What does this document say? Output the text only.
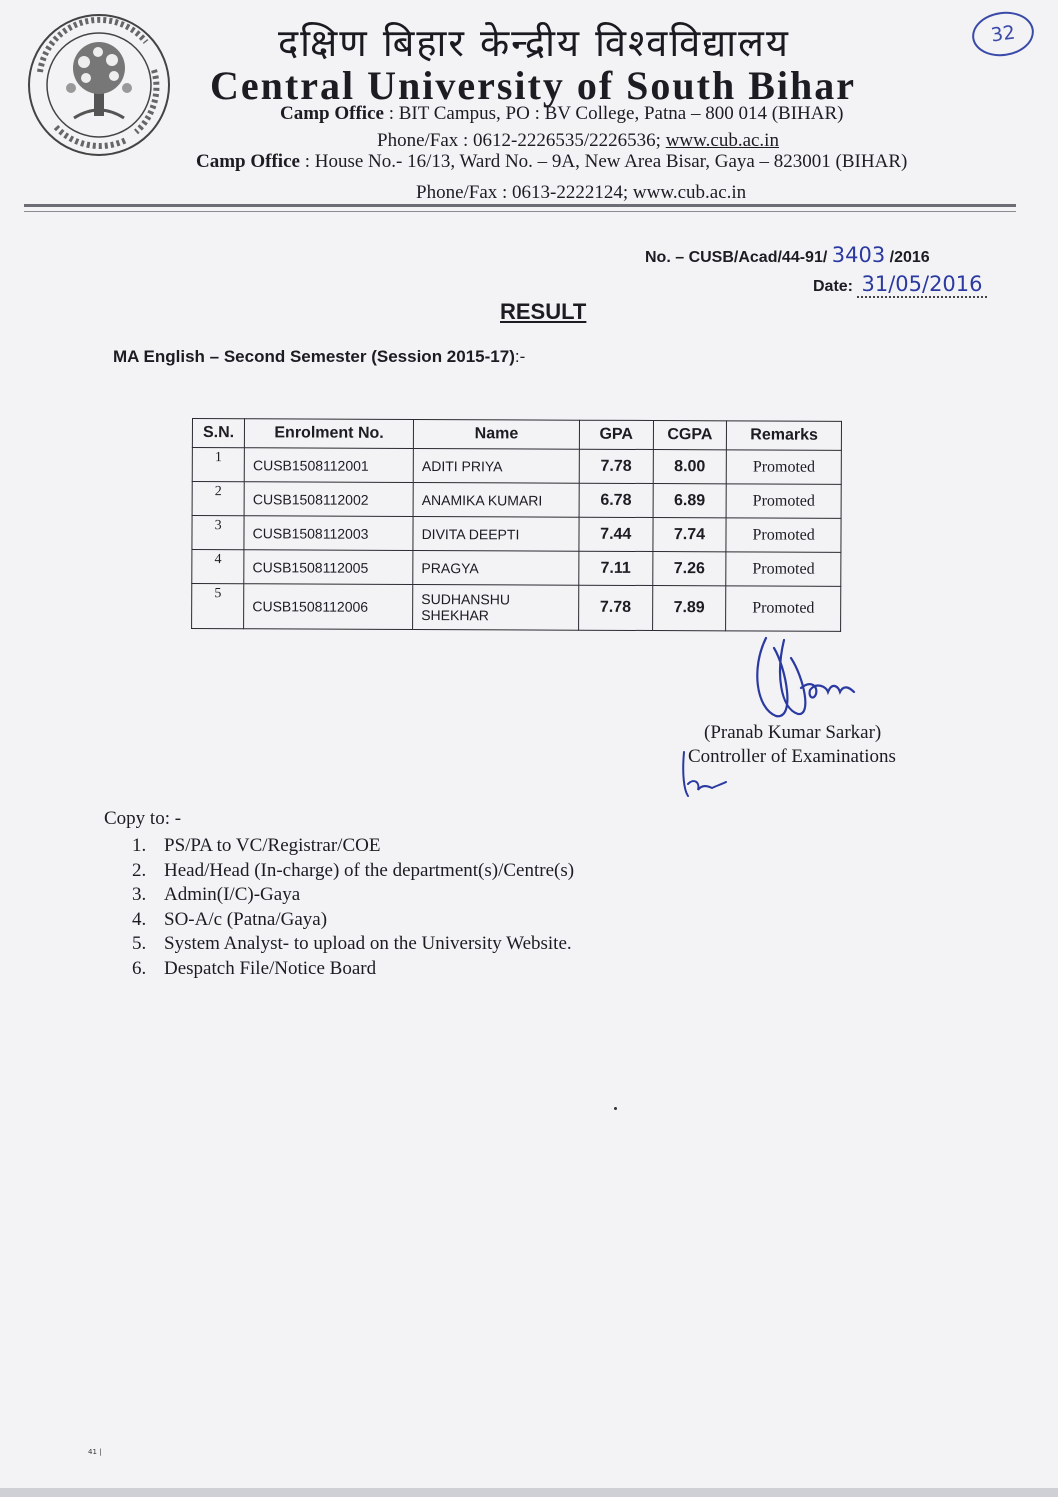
दक्षिण बिहार केन्द्रीय विश्वविद्यालय
Central University of South Bihar
Camp Office : BIT Campus, PO : BV College, Patna – 800 014 (BIHAR)
Phone/Fax : 0612-2226535/2226536; www.cub.ac.in
Camp Office : House No.- 16/13, Ward No. – 9A, New Area Bisar, Gaya – 823001 (BIHAR)
Phone/Fax : 0613-2222124; www.cub.ac.in
32
No. – CUSB/Acad/44-91/ 3403 /2016
Date: 31/05/2016
RESULT
MA English – Second Semester (Session 2015-17):-
S.N.	Enrolment No.	Name	GPA	CGPA	Remarks
1	CUSB1508112001	ADITI PRIYA	7.78	8.00	Promoted
2	CUSB1508112002	ANAMIKA KUMARI	6.78	6.89	Promoted
3	CUSB1508112003	DIVITA DEEPTI	7.44	7.74	Promoted
4	CUSB1508112005	PRAGYA	7.11	7.26	Promoted
5	CUSB1508112006	SUDHANSHU SHEKHAR	7.78	7.89	Promoted
(Pranab Kumar Sarkar)
Controller of Examinations
Copy to: -
1. PS/PA to VC/Registrar/COE
2. Head/Head (In-charge) of the department(s)/Centre(s)
3. Admin(I/C)-Gaya
4. SO-A/c (Patna/Gaya)
5. System Analyst- to upload on the University Website.
6. Despatch File/Notice Board
41 |
